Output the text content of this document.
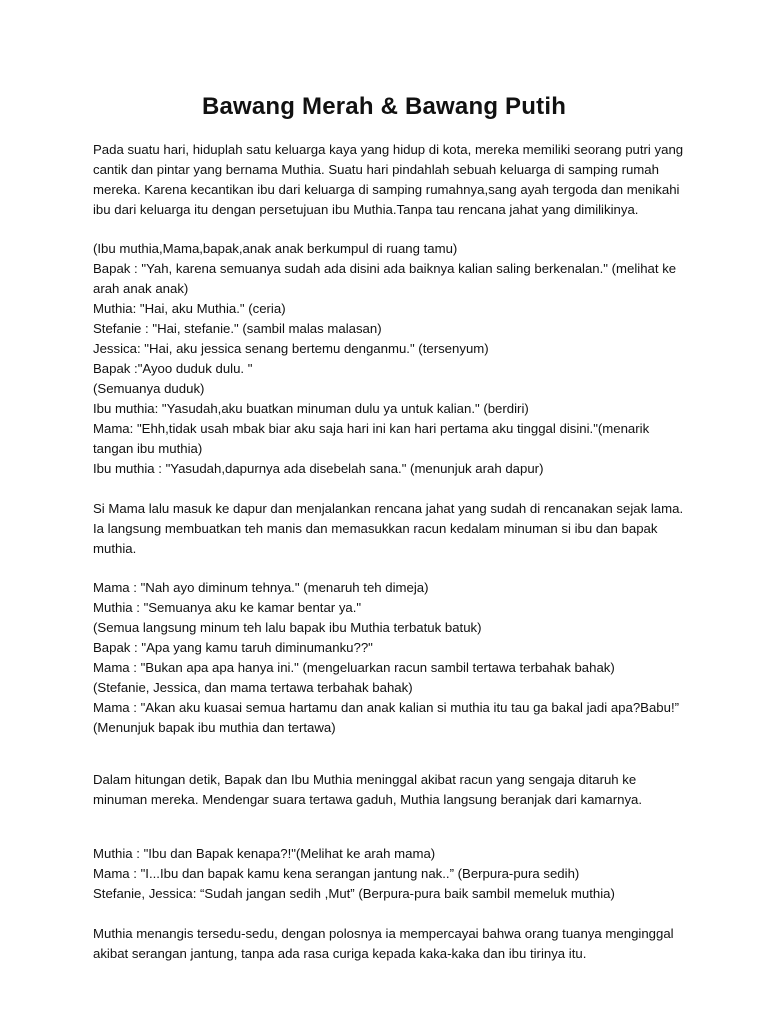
Bawang Merah & Bawang Putih
Pada suatu hari, hiduplah satu keluarga kaya yang hidup di kota, mereka memiliki seorang putri yang
cantik dan pintar yang bernama Muthia. Suatu hari pindahlah sebuah keluarga di samping rumah
mereka. Karena kecantikan ibu dari keluarga di samping rumahnya,sang ayah tergoda dan menikahi
ibu dari keluarga itu dengan persetujuan ibu Muthia.Tanpa tau rencana jahat yang dimilikinya.
(Ibu muthia,Mama,bapak,anak anak berkumpul di ruang tamu)
Bapak : "Yah, karena semuanya sudah ada disini ada baiknya kalian saling berkenalan." (melihat ke
arah anak anak)
Muthia: "Hai, aku Muthia." (ceria)
Stefanie : "Hai, stefanie." (sambil malas malasan)
Jessica: "Hai, aku jessica senang bertemu denganmu." (tersenyum)
Bapak :"Ayoo duduk dulu. "
(Semuanya duduk)
Ibu muthia: "Yasudah,aku buatkan minuman dulu ya untuk kalian." (berdiri)
Mama: "Ehh,tidak usah mbak biar aku saja hari ini kan hari pertama aku tinggal disini."(menarik
tangan ibu muthia)
Ibu muthia : "Yasudah,dapurnya ada disebelah sana." (menunjuk arah dapur)
Si Mama lalu masuk ke dapur dan menjalankan rencana jahat yang sudah di rencanakan sejak lama.
Ia langsung membuatkan teh manis dan memasukkan racun kedalam minuman si ibu dan bapak
muthia.
Mama : "Nah ayo diminum tehnya." (menaruh teh dimeja)
Muthia : "Semuanya aku ke kamar bentar ya."
(Semua langsung minum teh lalu bapak ibu Muthia terbatuk batuk)
Bapak : "Apa yang kamu taruh diminumanku??"
Mama : "Bukan apa apa hanya ini." (mengeluarkan racun sambil tertawa terbahak bahak)
(Stefanie, Jessica, dan mama tertawa terbahak bahak)
Mama : "Akan aku kuasai semua hartamu dan anak kalian si muthia itu tau ga bakal jadi apa?Babu!”
(Menunjuk bapak ibu muthia dan tertawa)
Dalam hitungan detik, Bapak dan Ibu Muthia meninggal akibat racun yang sengaja ditaruh ke
minuman mereka. Mendengar suara tertawa gaduh, Muthia langsung beranjak dari kamarnya.
Muthia : "Ibu dan Bapak kenapa?!"(Melihat ke arah mama)
Mama : "I...Ibu dan bapak kamu kena serangan jantung nak..” (Berpura-pura sedih)
Stefanie, Jessica: “Sudah jangan sedih ,Mut” (Berpura-pura baik sambil memeluk muthia)
Muthia menangis tersedu-sedu, dengan polosnya ia mempercayai bahwa orang tuanya menginggal
akibat serangan jantung, tanpa ada rasa curiga kepada kaka-kaka dan ibu tirinya itu.
